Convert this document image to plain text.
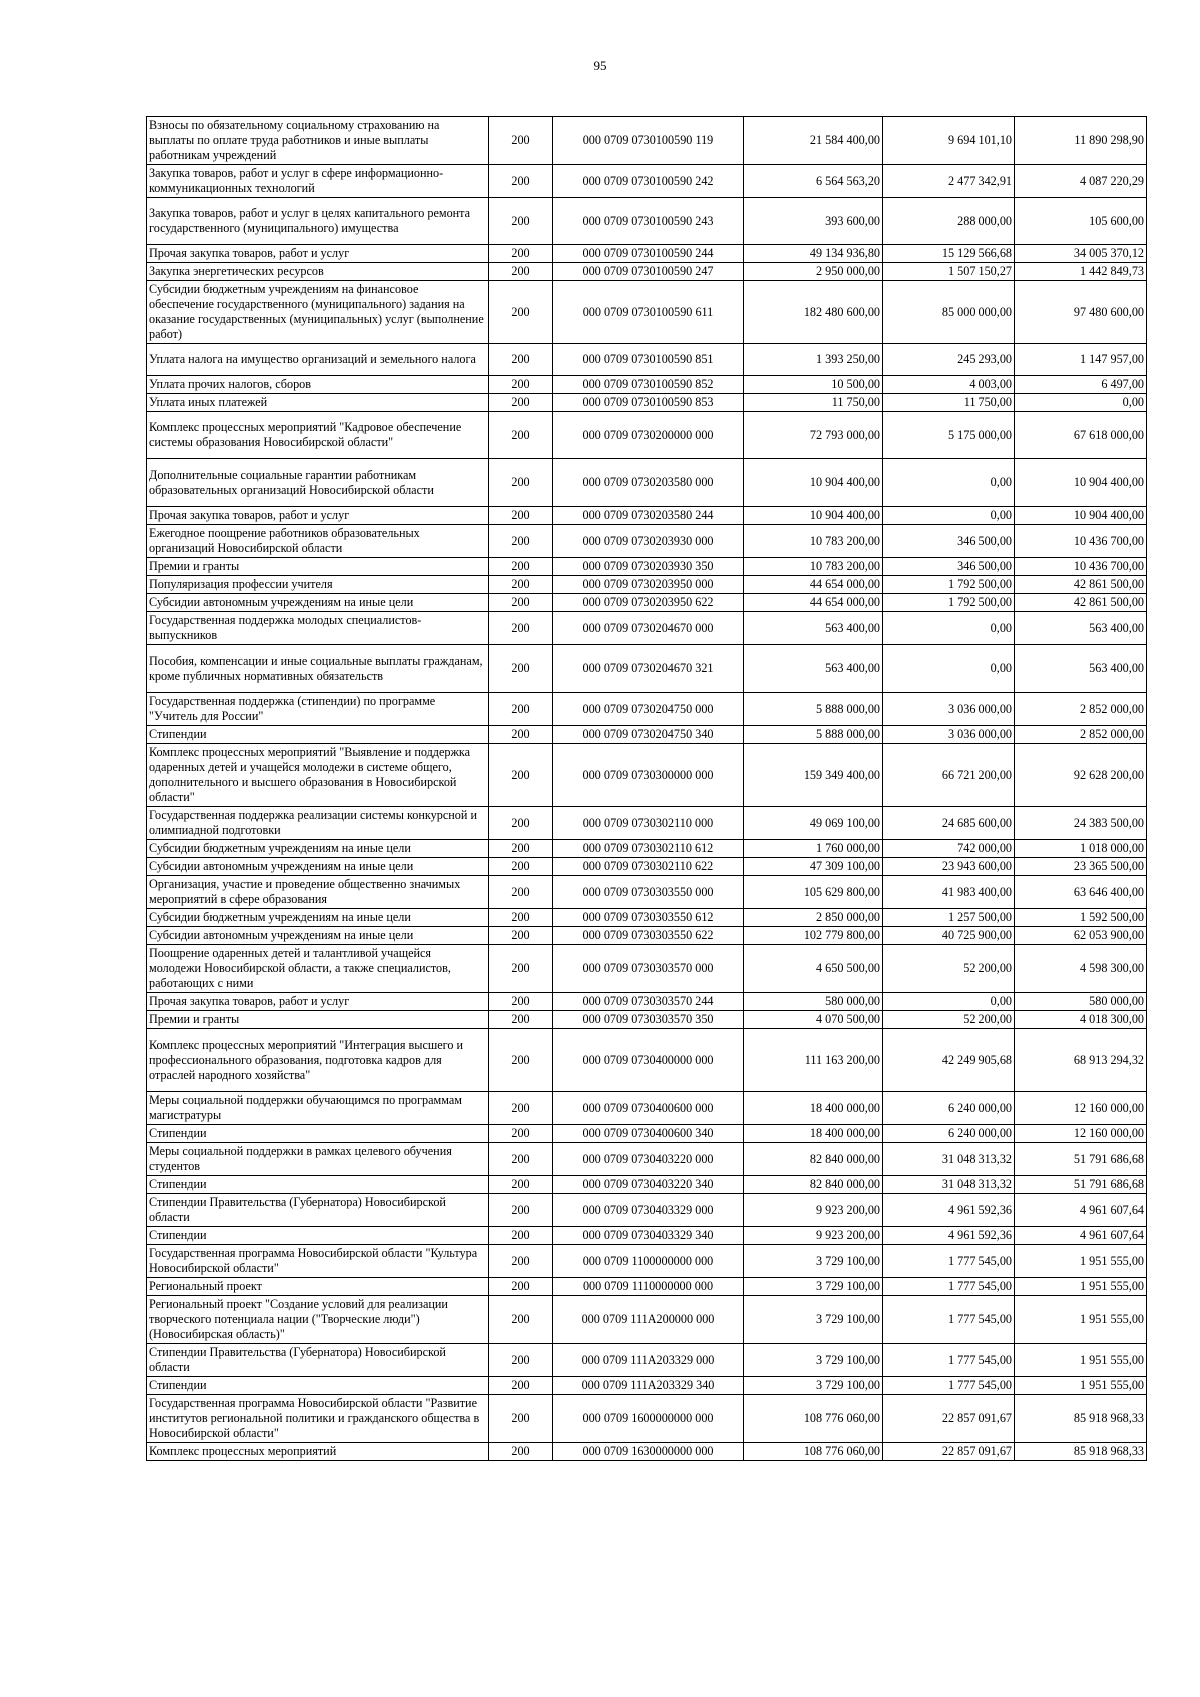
95
Взносы по обязательному социальному страхованию на выплаты по оплате труда работников и иные выплаты работникам учреждений	200	000 0709 0730100590 119	21 584 400,00	9 694 101,10	11 890 298,90
Закупка товаров, работ и услуг в сфере информационно-коммуникационных технологий	200	000 0709 0730100590 242	6 564 563,20	2 477 342,91	4 087 220,29
Закупка товаров, работ и услуг в целях капитального ремонта государственного (муниципального) имущества	200	000 0709 0730100590 243	393 600,00	288 000,00	105 600,00
Прочая закупка товаров, работ и услуг	200	000 0709 0730100590 244	49 134 936,80	15 129 566,68	34 005 370,12
Закупка энергетических ресурсов	200	000 0709 0730100590 247	2 950 000,00	1 507 150,27	1 442 849,73
Субсидии бюджетным учреждениям на финансовое обеспечение государственного (муниципального) задания на оказание государственных (муниципальных) услуг (выполнение работ)	200	000 0709 0730100590 611	182 480 600,00	85 000 000,00	97 480 600,00
Уплата налога на имущество организаций и земельного налога	200	000 0709 0730100590 851	1 393 250,00	245 293,00	1 147 957,00
Уплата прочих налогов, сборов	200	000 0709 0730100590 852	10 500,00	4 003,00	6 497,00
Уплата иных платежей	200	000 0709 0730100590 853	11 750,00	11 750,00	0,00
Комплекс процессных мероприятий "Кадровое обеспечение системы образования Новосибирской области"	200	000 0709 0730200000 000	72 793 000,00	5 175 000,00	67 618 000,00
Дополнительные социальные гарантии работникам образовательных организаций Новосибирской области	200	000 0709 0730203580 000	10 904 400,00	0,00	10 904 400,00
Прочая закупка товаров, работ и услуг	200	000 0709 0730203580 244	10 904 400,00	0,00	10 904 400,00
Ежегодное поощрение работников образовательных организаций Новосибирской области	200	000 0709 0730203930 000	10 783 200,00	346 500,00	10 436 700,00
Премии и гранты	200	000 0709 0730203930 350	10 783 200,00	346 500,00	10 436 700,00
Популяризация профессии учителя	200	000 0709 0730203950 000	44 654 000,00	1 792 500,00	42 861 500,00
Субсидии автономным учреждениям на иные цели	200	000 0709 0730203950 622	44 654 000,00	1 792 500,00	42 861 500,00
Государственная поддержка молодых специалистов-выпускников	200	000 0709 0730204670 000	563 400,00	0,00	563 400,00
Пособия, компенсации и иные социальные выплаты гражданам, кроме публичных нормативных обязательств	200	000 0709 0730204670 321	563 400,00	0,00	563 400,00
Государственная поддержка (стипендии) по программе "Учитель для России"	200	000 0709 0730204750 000	5 888 000,00	3 036 000,00	2 852 000,00
Стипендии	200	000 0709 0730204750 340	5 888 000,00	3 036 000,00	2 852 000,00
Комплекс процессных мероприятий "Выявление и поддержка одаренных детей и учащейся молодежи в системе общего, дополнительного и высшего образования в Новосибирской области"	200	000 0709 0730300000 000	159 349 400,00	66 721 200,00	92 628 200,00
Государственная поддержка реализации системы конкурсной и олимпиадной подготовки	200	000 0709 0730302110 000	49 069 100,00	24 685 600,00	24 383 500,00
Субсидии бюджетным учреждениям на иные цели	200	000 0709 0730302110 612	1 760 000,00	742 000,00	1 018 000,00
Субсидии автономным учреждениям на иные цели	200	000 0709 0730302110 622	47 309 100,00	23 943 600,00	23 365 500,00
Организация, участие и проведение общественно значимых мероприятий в сфере образования	200	000 0709 0730303550 000	105 629 800,00	41 983 400,00	63 646 400,00
Субсидии бюджетным учреждениям на иные цели	200	000 0709 0730303550 612	2 850 000,00	1 257 500,00	1 592 500,00
Субсидии автономным учреждениям на иные цели	200	000 0709 0730303550 622	102 779 800,00	40 725 900,00	62 053 900,00
Поощрение одаренных детей и талантливой учащейся молодежи Новосибирской области, а также специалистов, работающих с ними	200	000 0709 0730303570 000	4 650 500,00	52 200,00	4 598 300,00
Прочая закупка товаров, работ и услуг	200	000 0709 0730303570 244	580 000,00	0,00	580 000,00
Премии и гранты	200	000 0709 0730303570 350	4 070 500,00	52 200,00	4 018 300,00
Комплекс процессных мероприятий "Интеграция высшего и профессионального образования, подготовка кадров для отраслей народного хозяйства"	200	000 0709 0730400000 000	111 163 200,00	42 249 905,68	68 913 294,32
Меры социальной поддержки обучающимся по программам магистратуры	200	000 0709 0730400600 000	18 400 000,00	6 240 000,00	12 160 000,00
Стипендии	200	000 0709 0730400600 340	18 400 000,00	6 240 000,00	12 160 000,00
Меры социальной поддержки в рамках целевого обучения студентов	200	000 0709 0730403220 000	82 840 000,00	31 048 313,32	51 791 686,68
Стипендии	200	000 0709 0730403220 340	82 840 000,00	31 048 313,32	51 791 686,68
Стипендии Правительства (Губернатора) Новосибирской области	200	000 0709 0730403329 000	9 923 200,00	4 961 592,36	4 961 607,64
Стипендии	200	000 0709 0730403329 340	9 923 200,00	4 961 592,36	4 961 607,64
Государственная программа Новосибирской области "Культура Новосибирской области"	200	000 0709 1100000000 000	3 729 100,00	1 777 545,00	1 951 555,00
Региональный проект	200	000 0709 1110000000 000	3 729 100,00	1 777 545,00	1 951 555,00
Региональный проект "Создание условий для реализации творческого потенциала нации ("Творческие люди") (Новосибирская область)"	200	000 0709 111А200000 000	3 729 100,00	1 777 545,00	1 951 555,00
Стипендии Правительства (Губернатора) Новосибирской области	200	000 0709 111А203329 000	3 729 100,00	1 777 545,00	1 951 555,00
Стипендии	200	000 0709 111А203329 340	3 729 100,00	1 777 545,00	1 951 555,00
Государственная программа Новосибирской области "Развитие институтов региональной политики и гражданского общества в Новосибирской области"	200	000 0709 1600000000 000	108 776 060,00	22 857 091,67	85 918 968,33
Комплекс процессных мероприятий	200	000 0709 1630000000 000	108 776 060,00	22 857 091,67	85 918 968,33
